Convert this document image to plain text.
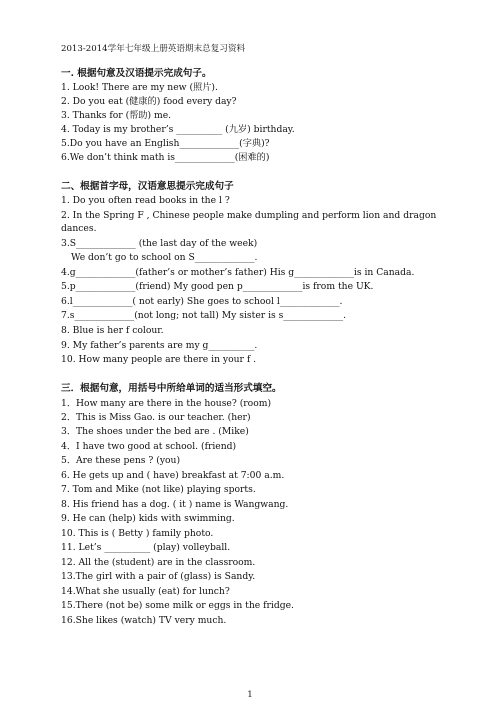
2013-2014学年七年级上册英语期末总复习资料
一. 根据句意及汉语提示完成句子。
1. Look! There are my new (照片).
2. Do you eat (健康的) food every day?
3. Thanks for (帮助) me.
4. Today is my brother’s __________ (九岁) birthday.
5.Do you have an English_____________(字典)?
6.We don’t think math is_____________(困难的)
二、根据首字母，汉语意思提示完成句子
1. Do you often read books in the l ?
2. In the Spring F , Chinese people make dumpling and perform lion and dragon
dances.
3.S_____________ (the last day of the week)
We don’t go to school on S_____________.
4.g_____________(father’s or mother’s father) His g_____________is in Canada.
5.p_____________(friend) My good pen p_____________is from the UK.
6.l_____________( not early) She goes to school l_____________.
7.s_____________(not long; not tall) My sister is s_____________.
8. Blue is her f colour.
9. My father’s parents are my g__________.
10. How many people are there in your f .
三．根据句意，用括号中所给单词的适当形式填空。
1．How many are there in the house? (room)
2．This is Miss Gao. is our teacher. (her)
3．The shoes under the bed are . (Mike)
4．I have two good at school. (friend)
5．Are these pens ? (you)
6. He gets up and ( have) breakfast at 7:00 a.m.
7. Tom and Mike (not like) playing sports.
8. His friend has a dog. ( it ) name is Wangwang.
9. He can (help) kids with swimming.
10. This is ( Betty ) family photo.
11. Let’s __________ (play) volleyball.
12. All the (student) are in the classroom.
13.The girl with a pair of (glass) is Sandy.
14.What she usually (eat) for lunch?
15.There (not be) some milk or eggs in the fridge.
16.She likes (watch) TV very much.
1
